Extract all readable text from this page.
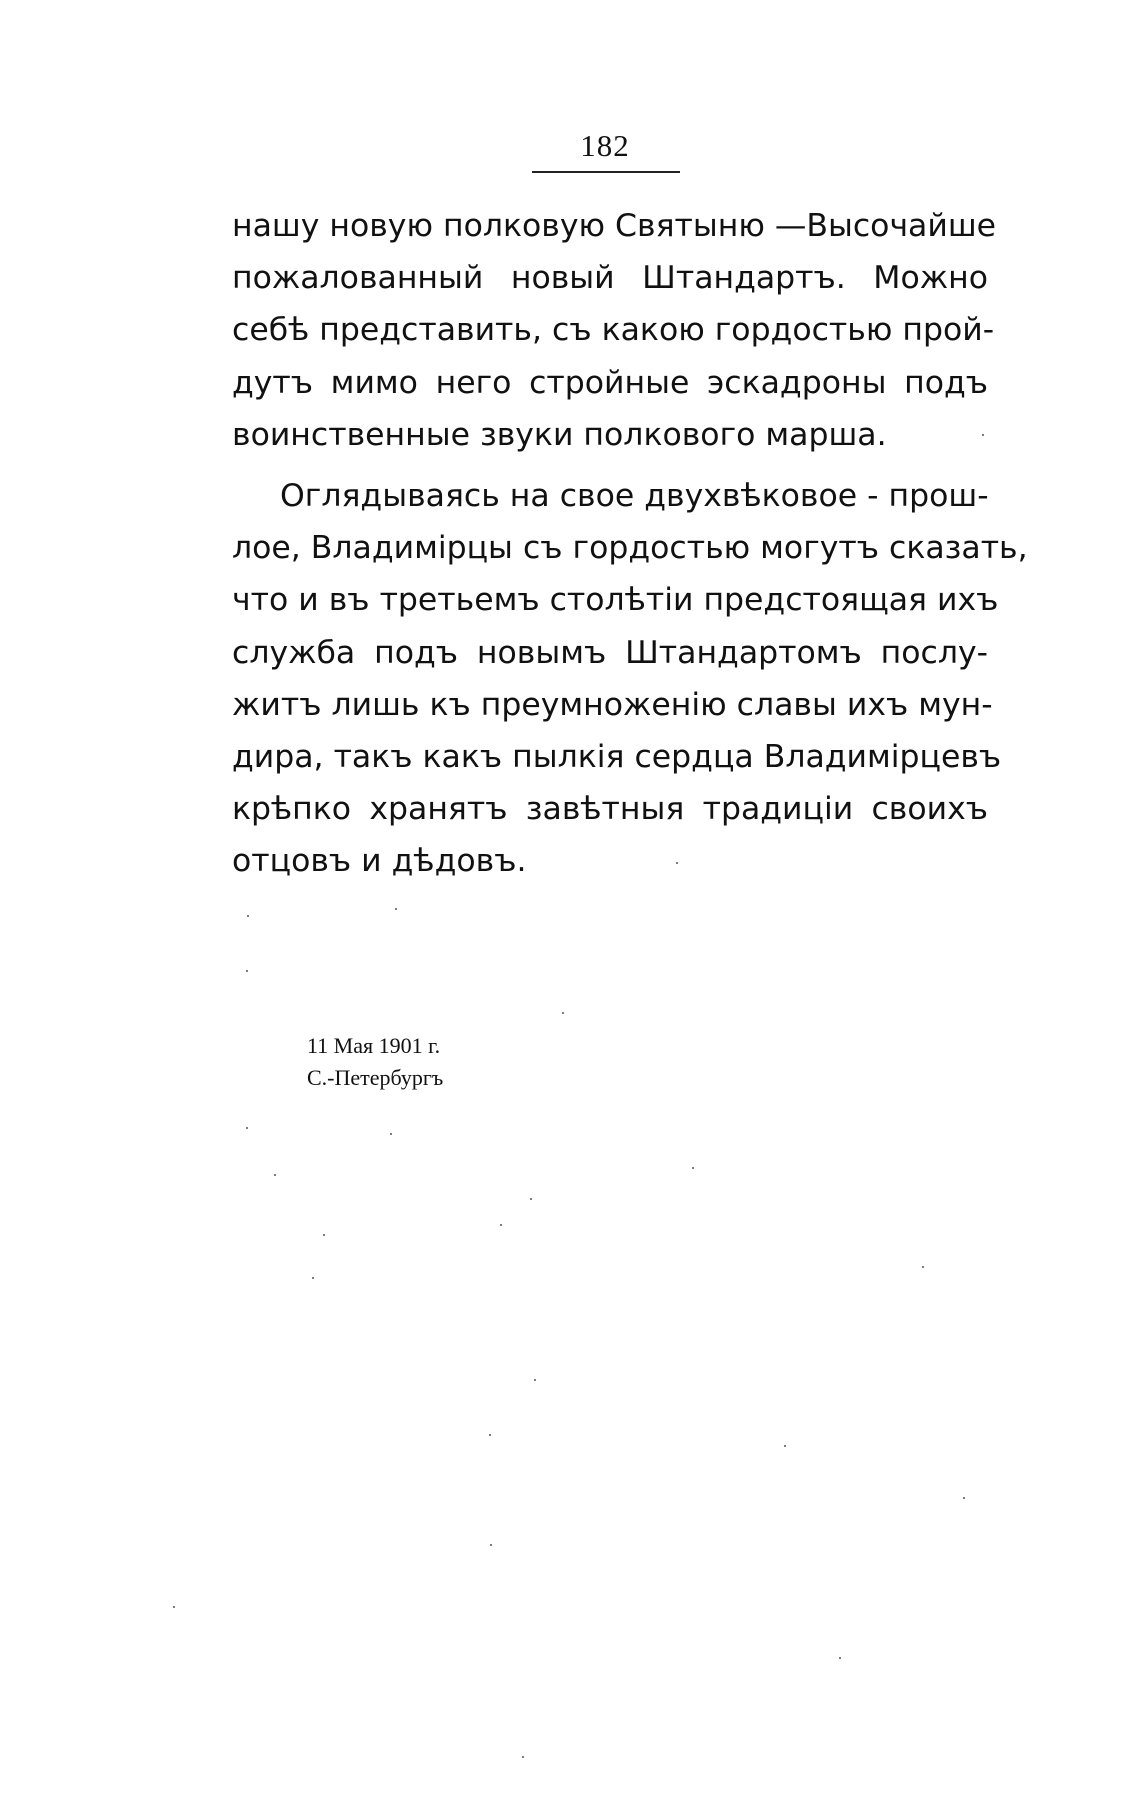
182
нашу новую полковую Святыню —Высочайше
пожалованный новый Штандартъ. Можно
себѣ представить, съ какою гордостью прой-
дутъ мимо него стройные эскадроны подъ
воинственные звуки полкового марша.
Оглядываясь на свое двухвѣковое - прош-
лое, Владимірцы съ гордостью могутъ сказать,
что и въ третьемъ столѣтіи предстоящая ихъ
служба подъ новымъ Штандартомъ послу-
житъ лишь къ преумноженію славы ихъ мун-
дира, такъ какъ пылкія сердца Владимірцевъ
крѣпко хранятъ завѣтныя традиціи своихъ
отцовъ и дѣдовъ.
11 Мая 1901 г.
С.-Петербургъ
